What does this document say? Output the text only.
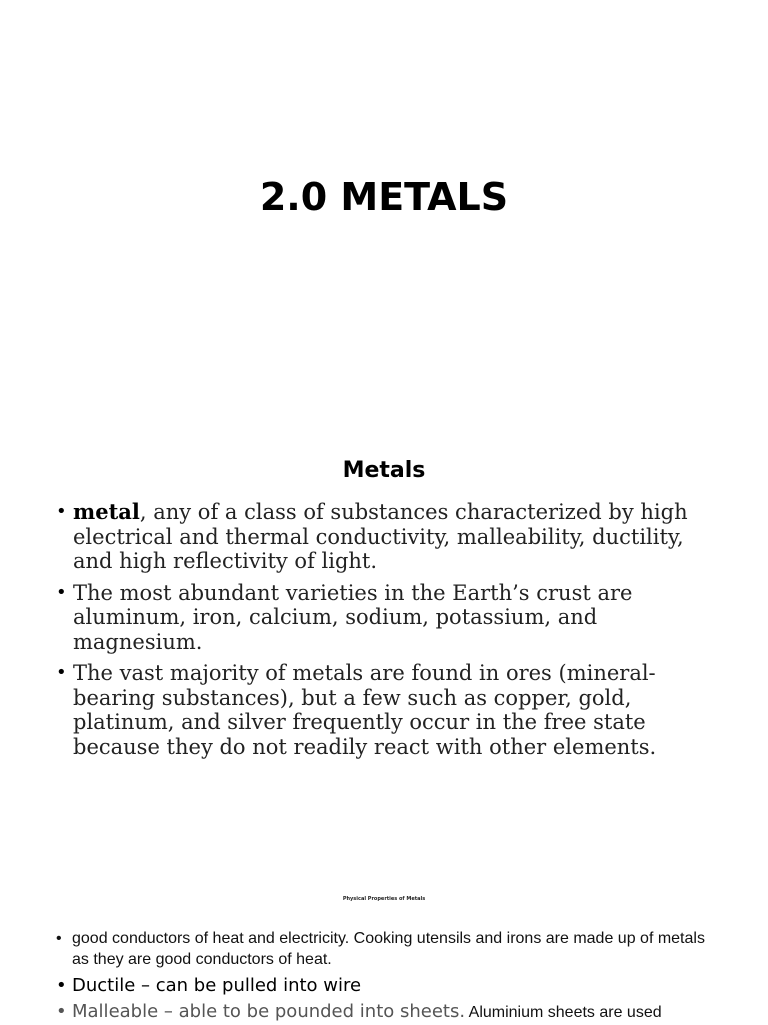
2.0 METALS
Metals
• metal, any of a class of substances characterized by high electrical and thermal conductivity, malleability, ductility, and high reflectivity of light.
• The most abundant varieties in the Earth’s crust are aluminum, iron, calcium, sodium, potassium, and magnesium.
• The vast majority of metals are found in ores (mineral-bearing substances), but a few such as copper, gold, platinum, and silver frequently occur in the free state because they do not readily react with other elements.
Physical Properties of Metals
• good conductors of heat and electricity. Cooking utensils and irons are made up of metals as they are good conductors of heat.
• Ductile – can be pulled into wire
• Malleable – able to be pounded into sheets. Aluminium sheets are used
